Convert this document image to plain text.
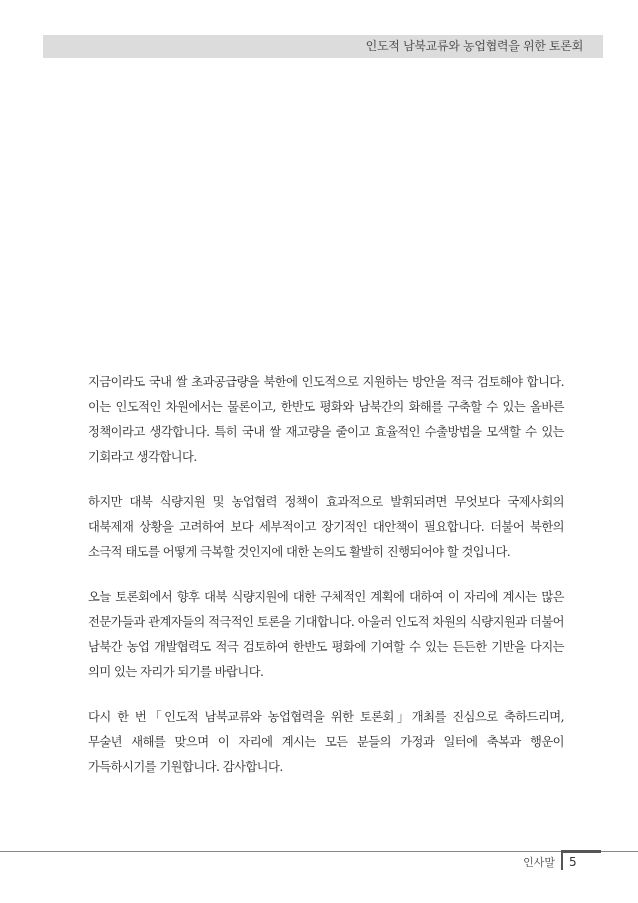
인도적 남북교류와 농업협력을 위한 토론회

지금이라도 국내 쌀 초과공급량을 북한에 인도적으로 지원하는 방안을 적극 검토해야 합니다. 이는 인도적인 차원에서는 물론이고, 한반도 평화와 남북간의 화해를 구축할 수 있는 올바른 정책이라고 생각합니다. 특히 국내 쌀 재고량을 줄이고 효율적인 수출방법을 모색할 수 있는 기회라고 생각합니다.

하지만 대북 식량지원 및 농업협력 정책이 효과적으로 발휘되려면 무엇보다 국제사회의 대북제재 상황을 고려하여 보다 세부적이고 장기적인 대안책이 필요합니다. 더불어 북한의 소극적 태도를 어떻게 극복할 것인지에 대한 논의도 활발히 진행되어야 할 것입니다.

오늘 토론회에서 향후 대북 식량지원에 대한 구체적인 계획에 대하여 이 자리에 계시는 많은 전문가들과 관계자들의 적극적인 토론을 기대합니다. 아울러 인도적 차원의 식량지원과 더불어 남북간 농업 개발협력도 적극 검토하여 한반도 평화에 기여할 수 있는 든든한 기반을 다지는 의미 있는 자리가 되기를 바랍니다.

다시 한 번「인도적 남북교류와 농업협력을 위한 토론회」개최를 진심으로 축하드리며, 무술년 새해를 맞으며 이 자리에 계시는 모든 분들의 가정과 일터에 축복과 행운이 가득하시기를 기원합니다. 감사합니다.

인사말 5
